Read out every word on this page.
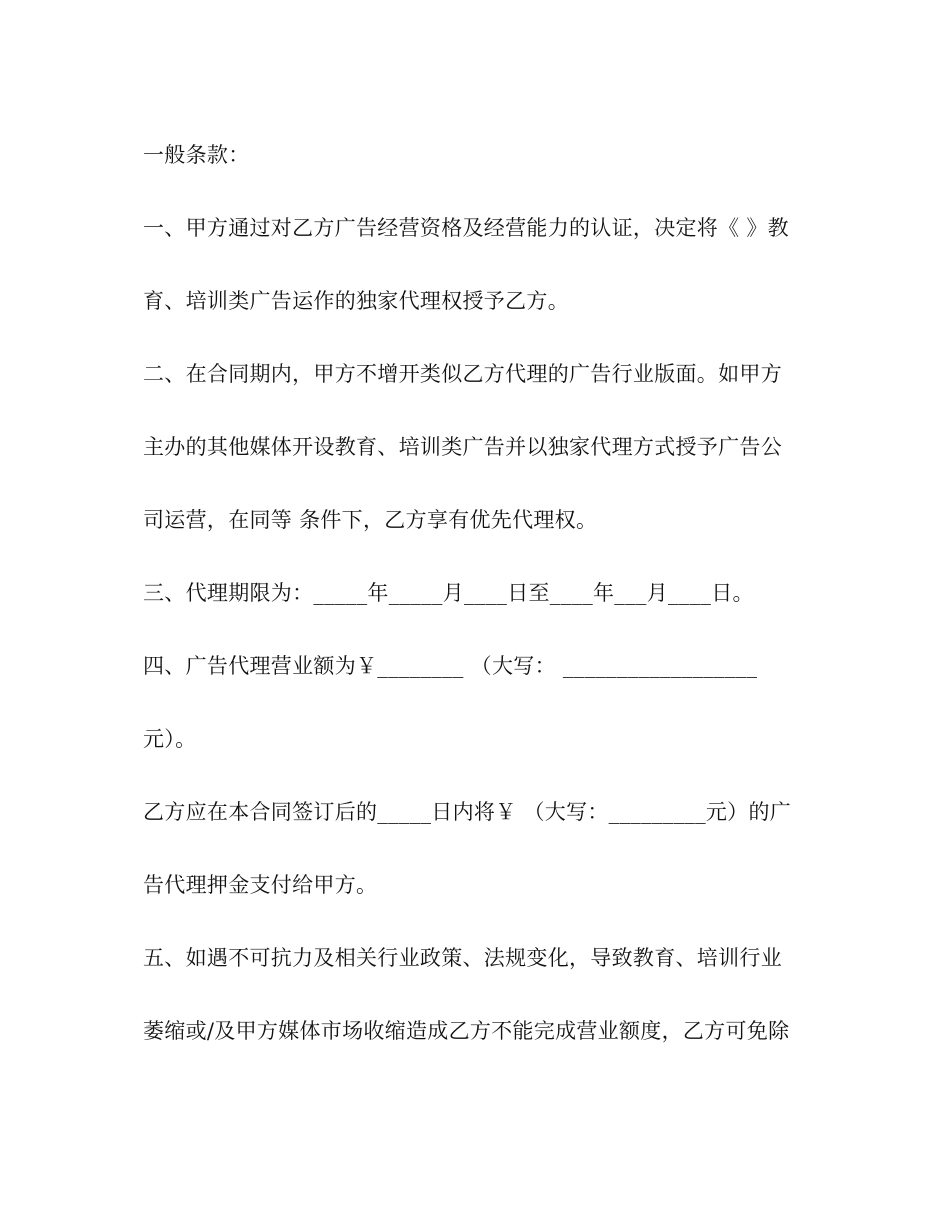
一般条款：
一、甲方通过对乙方广告经营资格及经营能力的认证，决定将《 》教
育、培训类广告运作的独家代理权授予乙方。
二、在合同期内，甲方不增开类似乙方代理的广告行业版面。如甲方
主办的其他媒体开设教育、培训类广告并以独家代理方式授予广告公
司运营，在同等 条件下，乙方享有优先代理权。
三、代理期限为：_____年_____月____日至____年___月____日。
四、广告代理营业额为￥________ （大写： __________________
元）。
乙方应在本合同签订后的_____日内将￥ （大写：_________元）的广
告代理押金支付给甲方。
五、如遇不可抗力及相关行业政策、法规变化，导致教育、培训行业
萎缩或/及甲方媒体市场收缩造成乙方不能完成营业额度，乙方可免除
